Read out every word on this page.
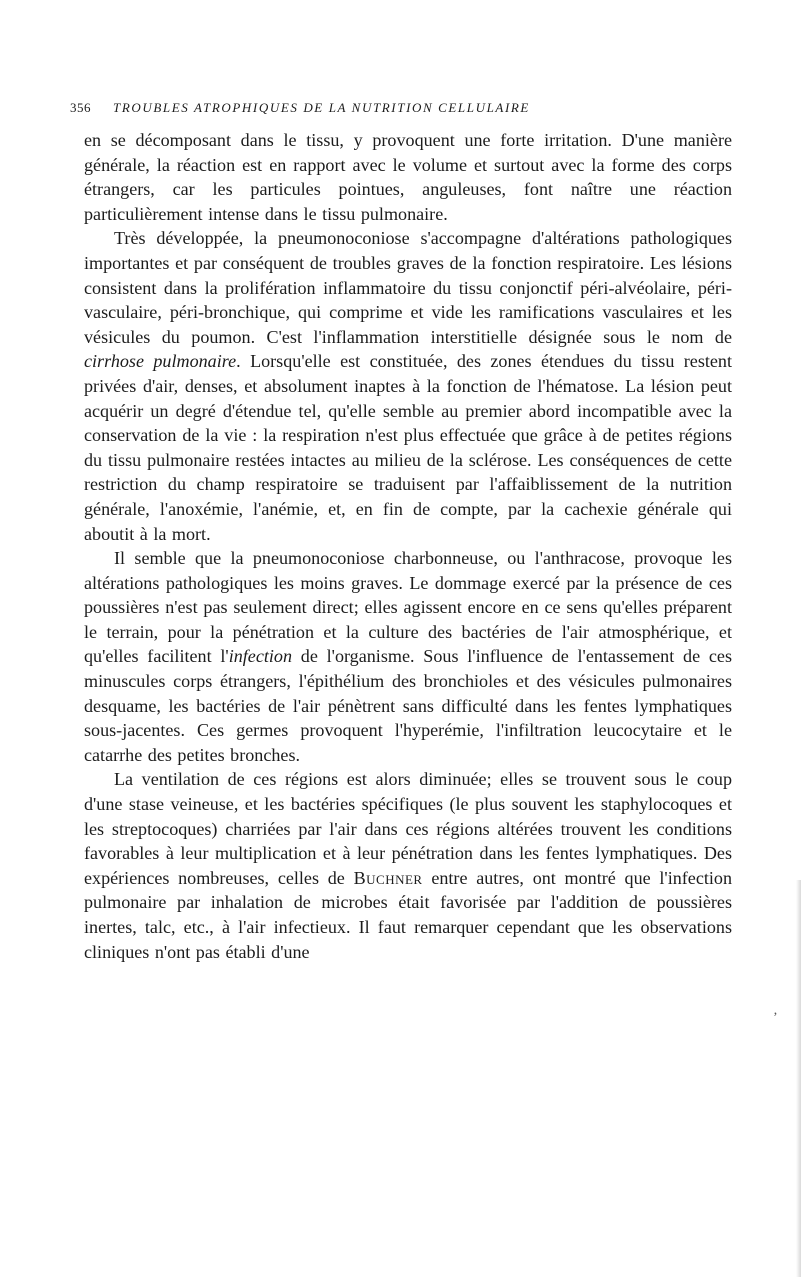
356 TROUBLES ATROPHIQUES DE LA NUTRITION CELLULAIRE

en se décomposant dans le tissu, y provoquent une forte irritation. D'une manière générale, la réaction est en rapport avec le volume et surtout avec la forme des corps étrangers, car les particules pointues, anguleuses, font naître une réaction particulièrement intense dans le tissu pulmonaire.

Très développée, la pneumonoconiose s'accompagne d'altérations pathologiques importantes et par conséquent de troubles graves de la fonction respiratoire. Les lésions consistent dans la prolifération inflammatoire du tissu conjonctif péri-alvéolaire, péri-vasculaire, péri-bronchique, qui comprime et vide les ramifications vasculaires et les vésicules du poumon. C'est l'inflammation interstitielle désignée sous le nom de cirrhose pulmonaire. Lorsqu'elle est constituée, des zones étendues du tissu restent privées d'air, denses, et absolument inaptes à la fonction de l'hématose. La lésion peut acquérir un degré d'étendue tel, qu'elle semble au premier abord incompatible avec la conservation de la vie : la respiration n'est plus effectuée que grâce à de petites régions du tissu pulmonaire restées intactes au milieu de la sclérose. Les conséquences de cette restriction du champ respiratoire se traduisent par l'affaiblissement de la nutrition générale, l'anoxémie, l'anémie, et, en fin de compte, par la cachexie générale qui aboutit à la mort.

Il semble que la pneumonoconiose charbonneuse, ou l'anthracose, provoque les altérations pathologiques les moins graves. Le dommage exercé par la présence de ces poussières n'est pas seulement direct; elles agissent encore en ce sens qu'elles préparent le terrain, pour la pénétration et la culture des bactéries de l'air atmosphérique, et qu'elles facilitent l'infection de l'organisme. Sous l'influence de l'entassement de ces minuscules corps étrangers, l'épithélium des bronchioles et des vésicules pulmonaires desquame, les bactéries de l'air pénètrent sans difficulté dans les fentes lymphatiques sous-jacentes. Ces germes provoquent l'hyperémie, l'infiltration leucocytaire et le catarrhe des petites bronches.

La ventilation de ces régions est alors diminuée; elles se trouvent sous le coup d'une stase veineuse, et les bactéries spécifiques (le plus souvent les staphylocoques et les streptocoques) charriées par l'air dans ces régions altérées trouvent les conditions favorables à leur multiplication et à leur pénétration dans les fentes lymphatiques. Des expériences nombreuses, celles de Buchner entre autres, ont montré que l'infection pulmonaire par inhalation de microbes était favorisée par l'addition de poussières inertes, talc, etc., à l'air infectieux. Il faut remarquer cependant que les observations cliniques n'ont pas établi d'une

‚
